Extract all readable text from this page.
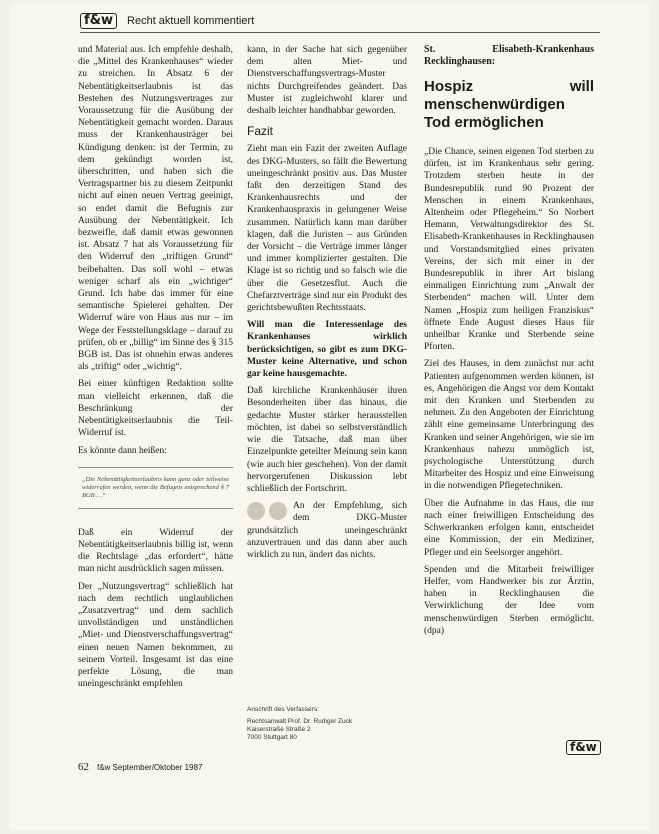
f&w	Recht aktuell kommentiert

und Material aus. Ich empfehle deshalb, die „Mittel des Krankenhauses“ wieder zu streichen. In Absatz 6 der Nebentätigkeitserlaubnis ist das Bestehen des Nutzungsvertrages zur Voraussetzung für die Ausübung der Nebentätigkeit gemacht worden. Daraus muss der Krankenhausträger bei Kündigung denken: ist der Termin, zu dem gekündigt worden ist, überschritten, und haben sich die Vertragspartner bis zu diesem Zeitpunkt nicht auf einen neuen Vertrag geeinigt, so endet damit die Befugnis zur Ausübung der Nebentätigkeit. Ich bezweifle, daß damit etwas gewonnen ist. Absatz 7 hat als Voraussetzung für den Widerruf den „triftigen Grund“ beibehalten. Das soll wohl – etwas weniger scharf als ein „wichtiger“ Grund. Ich habe das immer für eine semantische Spielerei gehalten. Der Widerruf wäre von Haus aus nur – im Wege der Feststellungsklage – darauf zu prüfen, ob er „billig“ im Sinne des § 315 BGB ist. Das ist ohnehin etwas anderes als „triftig“ oder „wichtig“.

Bei einer künftigen Redaktion sollte man vielleicht erkennen, daß die Beschränkung der Nebentätigkeitserlaubnis die Teil-Widerruf ist.

Es könnte dann heißen:

„Die Nebentätigkeitserlaubnis kann ganz oder teilweise widerrufen werden, wenn die Befugnis entsprechend § 7 BGB …“

Daß ein Widerruf der Nebentätigkeitserlaubnis billig ist, wenn die Rechtslage „das erfordert“, hätte man nicht ausdrücklich sagen müssen.

Der „Nutzungsvertrag“ schließlich hat nach dem rechtlich unglaublichen „Zusatzvertrag“ und dem sachlich unvollständigen und unständlichen „Miet- und Dienstverschaffungsvertrag“ einen neuen Namen bekommen, zu seinem Vorteil. Insgesamt ist das eine perfekte Lösung, die man uneingeschränkt empfehlen

kann, in der Sache hat sich gegenüber dem alten Miet- und Dienstverschaffungsvertrags-Muster nichts Durchgreifendes geändert. Das Muster ist zugleichwohl klarer und deshalb leichter handhabbar geworden.

Fazit

Zieht man ein Fazit der zweiten Auflage des DKG-Musters, so fällt die Bewertung uneingeschränkt positiv aus. Das Muster faßt den derzeitigen Stand des Krankenhausrechts und der Krankenhauspraxis in gelungener Weise zusammen. Natürlich kann man darüber klagen, daß die Juristen – aus Gründen der Vorsicht – die Verträge immer länger und immer komplizierter gestalten. Die Klage ist so richtig und so falsch wie die über die Gesetzesflut. Auch die Chefarztverträge sind nur ein Produkt des gerichtsbewußten Rechtsstaats.

Will man die Interessenlage des Krankenhauses wirklich berücksichtigen, so gibt es zum DKG-Muster keine Alternative, und schon gar keine hausgemachte.

Daß kirchliche Krankenhäuser ihren Besonderheiten über das hinaus, die gedachte Muster stärker herausstellen möchten, ist dabei so selbstverständlich wie die Tatsache, daß man über Einzelpunkte geteilter Meinung sein kann (wie auch hier geschehen). Von der damit hervorgerufenen Diskussion lebt schließlich der Fortschritt.

An der Empfehlung, sich dem DKG-Muster grundsätzlich uneingeschränkt anzuvertrauen und das dann aber auch wirklich zu tun, ändert das nichts.

Anschrift des Verfassers:
Rechtsanwalt Prof. Dr. Rudiger Zuck
Kaiserstraße Straße 2
7000 Stuttgart 80
St. Elisabeth-Krankenhaus Recklinghausen:
Hospiz will menschenwürdigen Tod ermöglichen

„Die Chance, seinen eigenen Tod sterben zu dürfen, ist im Krankenhaus sehr gering. Trotzdem sterben heute in der Bundesrepublik rund 90 Prozent der Menschen in einem Krankenhaus, Altenheim oder Pflegeheim.“ So Norbert Hemann, Verwaltungsdirektor des St. Elisabeth-Krankenhauses in Recklinghausen und Vorstandsmitglied eines privaten Vereins, der sich mit einer in der Bundesrepublik in ihrer Art bislang einmaligen Einrichtung zum „Anwalt der Sterbenden“ machen will. Unter dem Namen „Hospiz zum heiligen Franziskus“ öffnete Ende August dieses Haus für unheilbar Kranke und Sterbende seine Pforten.

Ziel des Hauses, in dem zunächst nur acht Patienten aufgenommen werden können, ist es, Angehörigen die Angst vor dem Kontakt mit den Kranken und Sterbenden zu nehmen. Zu den Angeboten der Einrichtung zählt eine gemeinsame Unterbringung des Kranken und seiner Angehörigen, wie sie im Krankenhaus nahezu unmöglich ist, psychologische Unterstützung durch Mitarbeiter des Hospiz und eine Einweisung in die notwendigen Pflegetechniken.

Über die Aufnahme in das Haus, die nur nach einer freiwilligen Entscheidung des Schwerkranken erfolgen kann, entscheidet eine Kommission, der ein Mediziner, Pfleger und ein Seelsorger angehört.

Spenden und die Mitarbeit freiwilliger Helfer, vom Handwerker bis zur Ärztin, haben in Recklinghausen die Verwirklichung der Idee vom menschenwürdigen Sterben ermöglicht. (dpa)

f&w
62 f&w September/Oktober 1987
